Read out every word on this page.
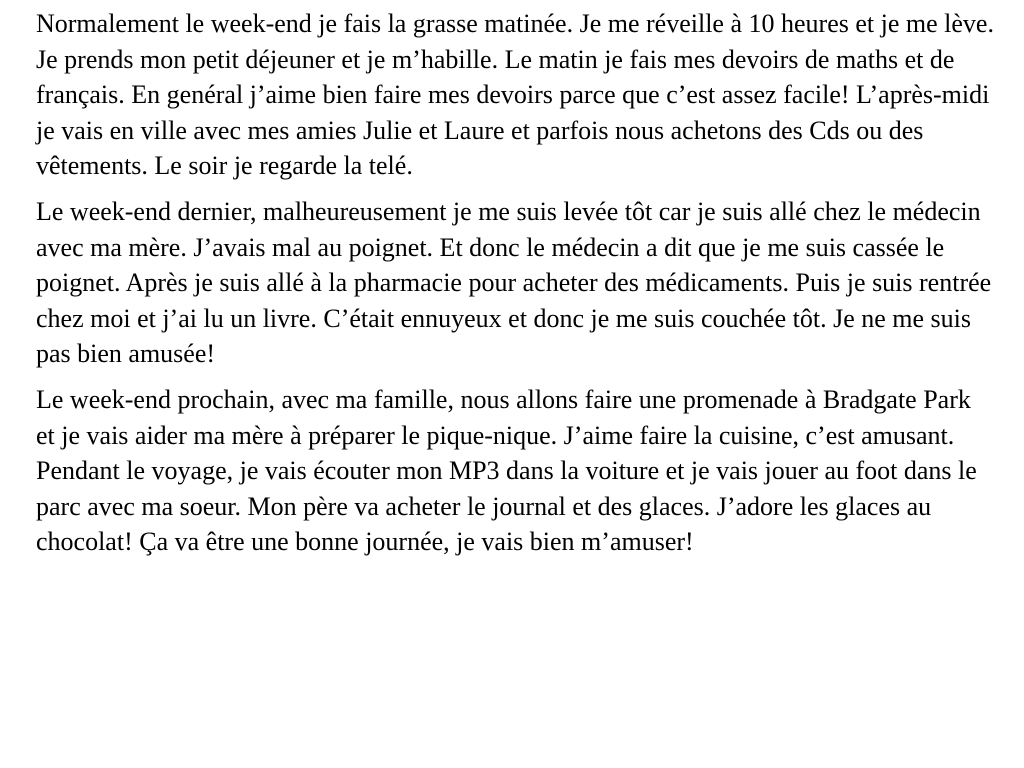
Normalement le week-end je fais la grasse matinée. Je me réveille à 10 heures et je me lève. Je prends mon petit déjeuner et je m’habille. Le matin je fais mes devoirs de maths et de français. En genéral j’aime bien faire mes devoirs parce que c’est assez facile! L’après-midi je vais en ville avec mes amies Julie et Laure et parfois nous achetons des Cds ou des vêtements. Le soir je regarde la telé.

Le week-end dernier, malheureusement je me suis levée tôt car je suis allé chez le médecin avec ma mère. J’avais mal au poignet. Et donc le médecin a dit que je me suis cassée le poignet. Après je suis allé à la pharmacie pour acheter des médicaments. Puis je suis rentrée chez moi et j’ai lu un livre. C’était ennuyeux et donc je me suis couchée tôt. Je ne me suis pas bien amusée!

Le week-end prochain, avec ma famille, nous allons faire une promenade à Bradgate Park et je vais aider ma mère à préparer le pique-nique. J’aime faire la cuisine, c’est amusant. Pendant le voyage, je vais écouter mon MP3 dans la voiture et je vais jouer au foot dans le parc avec ma soeur. Mon père va acheter le journal et des glaces. J’adore les glaces au chocolat! Ça va être une bonne journée, je vais bien m’amuser!
